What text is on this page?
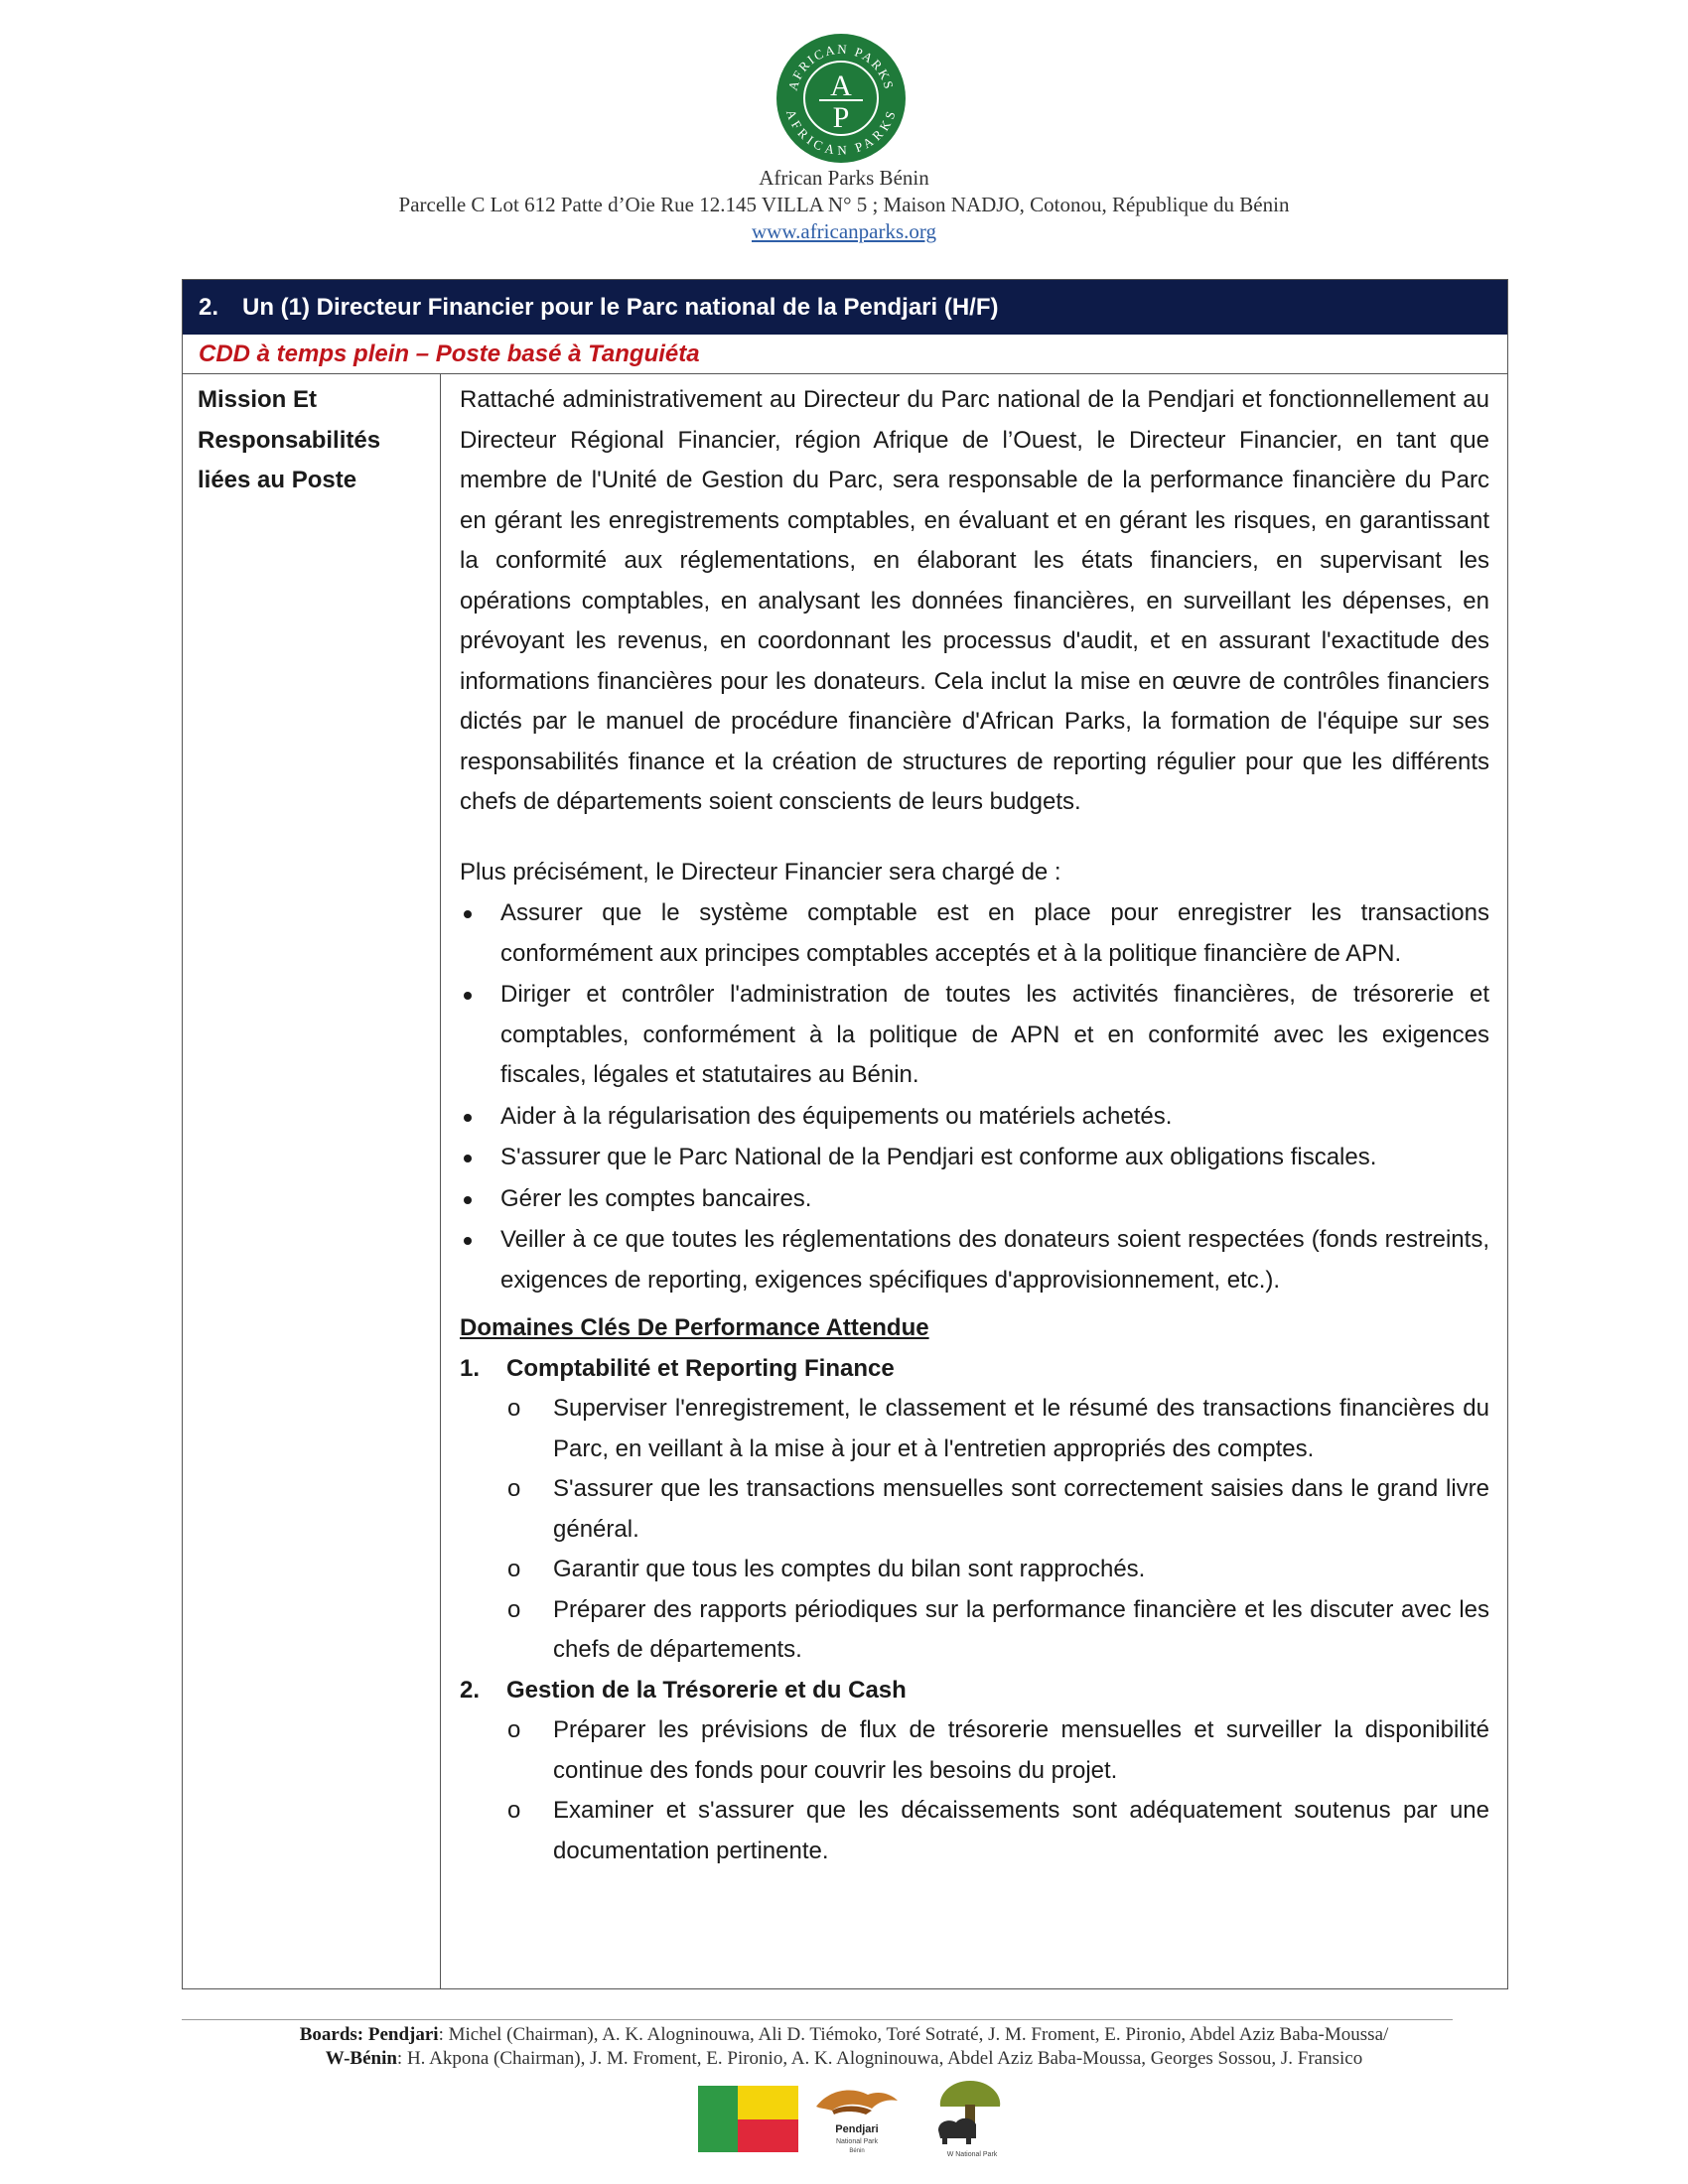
AFRICAN PARKS
AFRICAN PARKS
A
P
African Parks Bénin
Parcelle C Lot 612 Patte d’Oie Rue 12.145 VILLA N° 5 ; Maison NADJO, Cotonou, République du Bénin
www.africanparks.org
2. Un (1) Directeur Financier pour le Parc national de la Pendjari (H/F)
CDD à temps plein – Poste basé à Tanguiéta
Mission Et
Responsabilités
liées au Poste

Rattaché administrativement au Directeur du Parc national de la Pendjari et fonctionnellement au Directeur Régional Financier, région Afrique de l’Ouest, le Directeur Financier, en tant que membre de l'Unité de Gestion du Parc, sera responsable de la performance financière du Parc en gérant les enregistrements comptables, en évaluant et en gérant les risques, en garantissant la conformité aux réglementations, en élaborant les états financiers, en supervisant les opérations comptables, en analysant les données financières, en surveillant les dépenses, en prévoyant les revenus, en coordonnant les processus d'audit, et en assurant l'exactitude des informations financières pour les donateurs. Cela inclut la mise en œuvre de contrôles financiers dictés par le manuel de procédure financière d'African Parks, la formation de l'équipe sur ses responsabilités finance et la création de structures de reporting régulier pour que les différents chefs de départements soient conscients de leurs budgets.

Plus précisément, le Directeur Financier sera chargé de :

Assurer que le système comptable est en place pour enregistrer les transactions conformément aux principes comptables acceptés et à la politique financière de APN.
Diriger et contrôler l'administration de toutes les activités financières, de trésorerie et comptables, conformément à la politique de APN et en conformité avec les exigences fiscales, légales et statutaires au Bénin.
Aider à la régularisation des équipements ou matériels achetés.
S'assurer que le Parc National de la Pendjari est conforme aux obligations fiscales.
Gérer les comptes bancaires.
Veiller à ce que toutes les réglementations des donateurs soient respectées (fonds restreints, exigences de reporting, exigences spécifiques d'approvisionnement, etc.).

Domaines Clés De Performance Attendue

1. Comptabilité et Reporting Finance

o Superviser l'enregistrement, le classement et le résumé des transactions financières du Parc, en veillant à la mise à jour et à l'entretien appropriés des comptes.
o S'assurer que les transactions mensuelles sont correctement saisies dans le grand livre général.
o Garantir que tous les comptes du bilan sont rapprochés.
o Préparer des rapports périodiques sur la performance financière et les discuter avec les chefs de départements.

2. Gestion de la Trésorerie et du Cash

o Préparer les prévisions de flux de trésorerie mensuelles et surveiller la disponibilité continue des fonds pour couvrir les besoins du projet.
o Examiner et s'assurer que les décaissements sont adéquatement soutenus par une documentation pertinente.
Boards: Pendjari: Michel (Chairman), A. K. Alogninouwa, Ali D. Tiémoko, Toré Sotraté, J. M. Froment, E. Pironio, Abdel Aziz Baba-Moussa/
W-Bénin: H. Akpona (Chairman), J. M. Froment, E. Pironio, A. K. Alogninouwa, Abdel Aziz Baba-Moussa, Georges Sossou, J. Fransico
Pendjari
National Park
Bénin	W National Park
